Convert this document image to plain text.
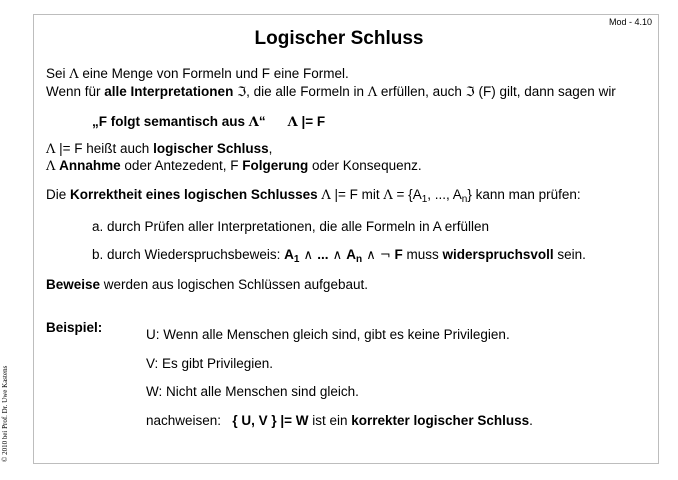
Mod - 4.10
Logischer Schluss
© 2010 bei Prof. Dr. Uwe Kastens
Sei Λ eine Menge von Formeln und F eine Formel.
Wenn für alle Interpretationen ℑ, die alle Formeln in Λ erfüllen, auch ℑ (F) gilt, dann sagen wir
„F folgt semantisch aus Λ“ Λ |= F
Λ |= F heißt auch logischer Schluss,
Λ Annahme oder Antezedent, F Folgerung oder Konsequenz.
Die Korrektheit eines logischen Schlusses Λ |= F mit $\Lambda = \{A_1$, ..., $A_n$} kann man prüfen:
a. durch Prüfen aller Interpretationen, die alle Formeln in A erfüllen
b. durch Wiederspruchsbeweis: $A_1$ ∧ ... ∧ $A_n$ ∧ ¬ F muss widerspruchsvoll sein.
Beweise werden aus logischen Schlüssen aufgebaut.
Beispiel:	U: Wenn alle Menschen gleich sind, gibt es keine Privilegien.
V: Es gibt Privilegien.
W: Nicht alle Menschen sind gleich.
nachweisen:   { U, V } |= W ist ein korrekter logischer Schluss.
